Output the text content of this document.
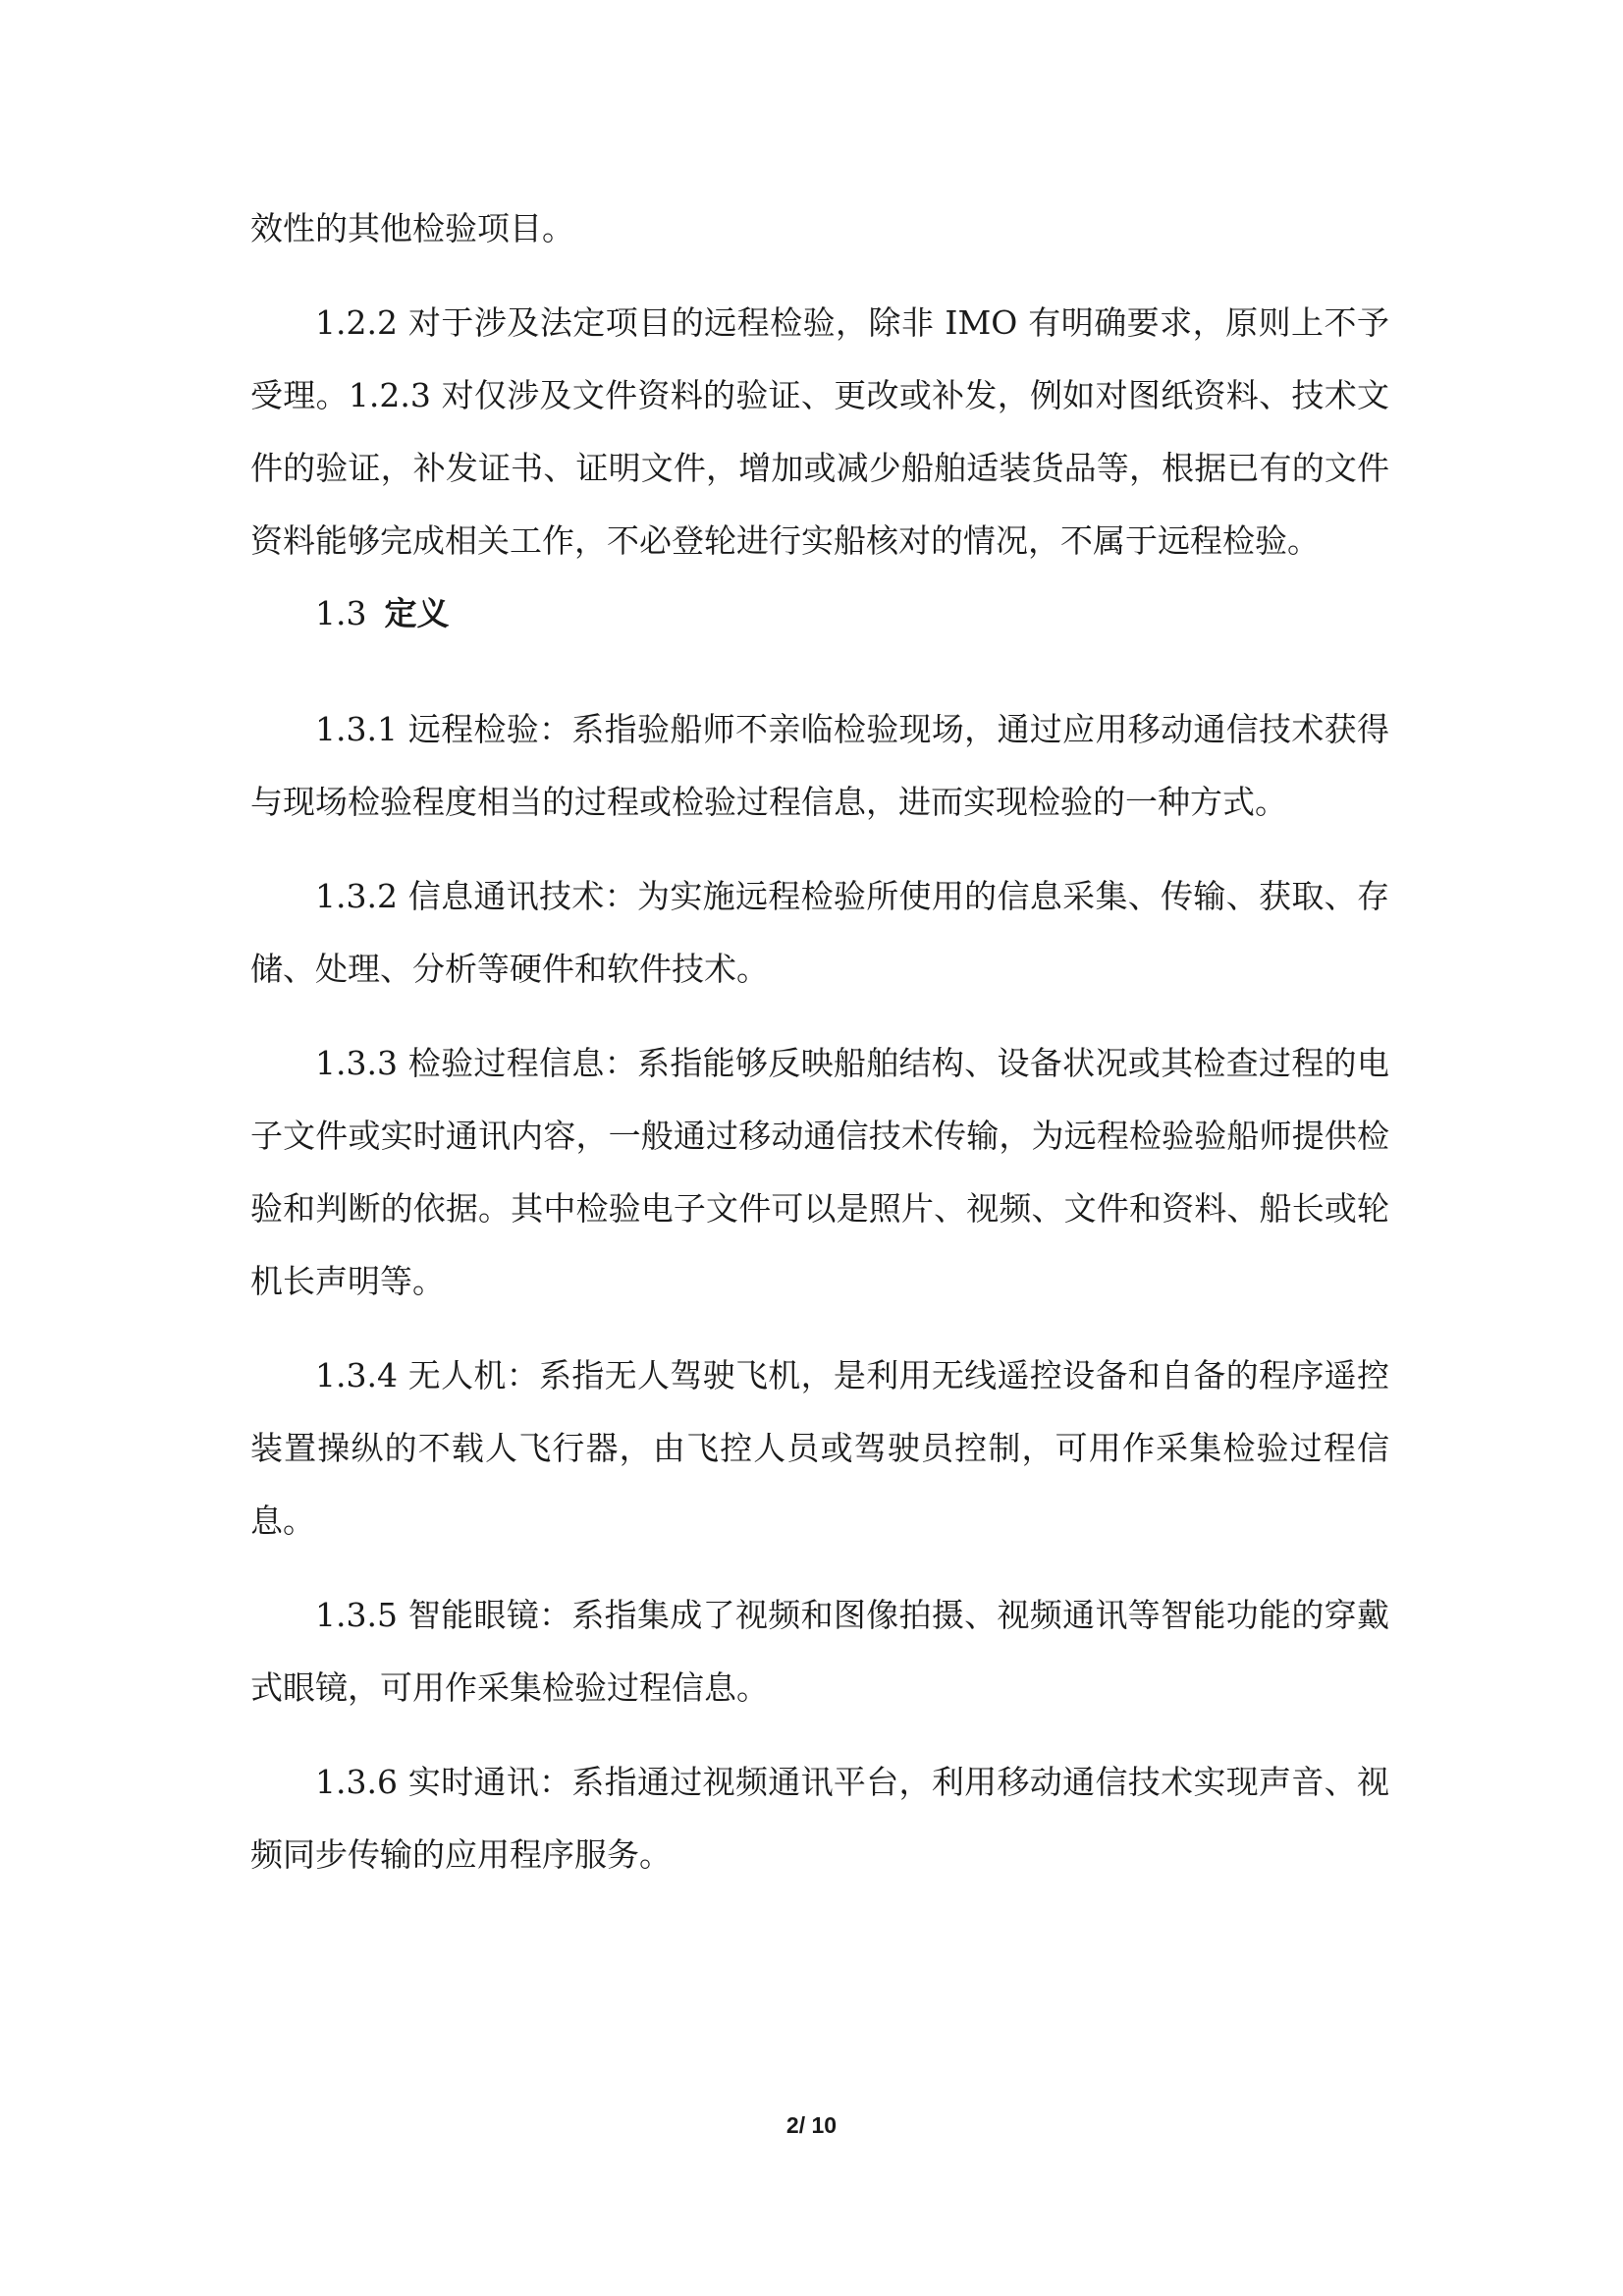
效性的其他检验项目。

1.2.2 对于涉及法定项目的远程检验，除非 IMO 有明确要求，原则上不予受理。1.2.3 对仅涉及文件资料的验证、更改或补发，例如对图纸资料、技术文件的验证，补发证书、证明文件，增加或减少船舶适装货品等，根据已有的文件资料能够完成相关工作，不必登轮进行实船核对的情况，不属于远程检验。

1.3 定义

1.3.1 远程检验：系指验船师不亲临检验现场，通过应用移动通信技术获得与现场检验程度相当的过程或检验过程信息，进而实现检验的一种方式。

1.3.2 信息通讯技术：为实施远程检验所使用的信息采集、传输、获取、存储、处理、分析等硬件和软件技术。

1.3.3 检验过程信息：系指能够反映船舶结构、设备状况或其检查过程的电子文件或实时通讯内容，一般通过移动通信技术传输，为远程检验验船师提供检验和判断的依据。其中检验电子文件可以是照片、视频、文件和资料、船长或轮机长声明等。

1.3.4 无人机：系指无人驾驶飞机，是利用无线遥控设备和自备的程序遥控装置操纵的不载人飞行器，由飞控人员或驾驶员控制，可用作采集检验过程信息。

1.3.5 智能眼镜：系指集成了视频和图像拍摄、视频通讯等智能功能的穿戴式眼镜，可用作采集检验过程信息。

1.3.6 实时通讯：系指通过视频通讯平台，利用移动通信技术实现声音、视频同步传输的应用程序服务。

2/ 10
